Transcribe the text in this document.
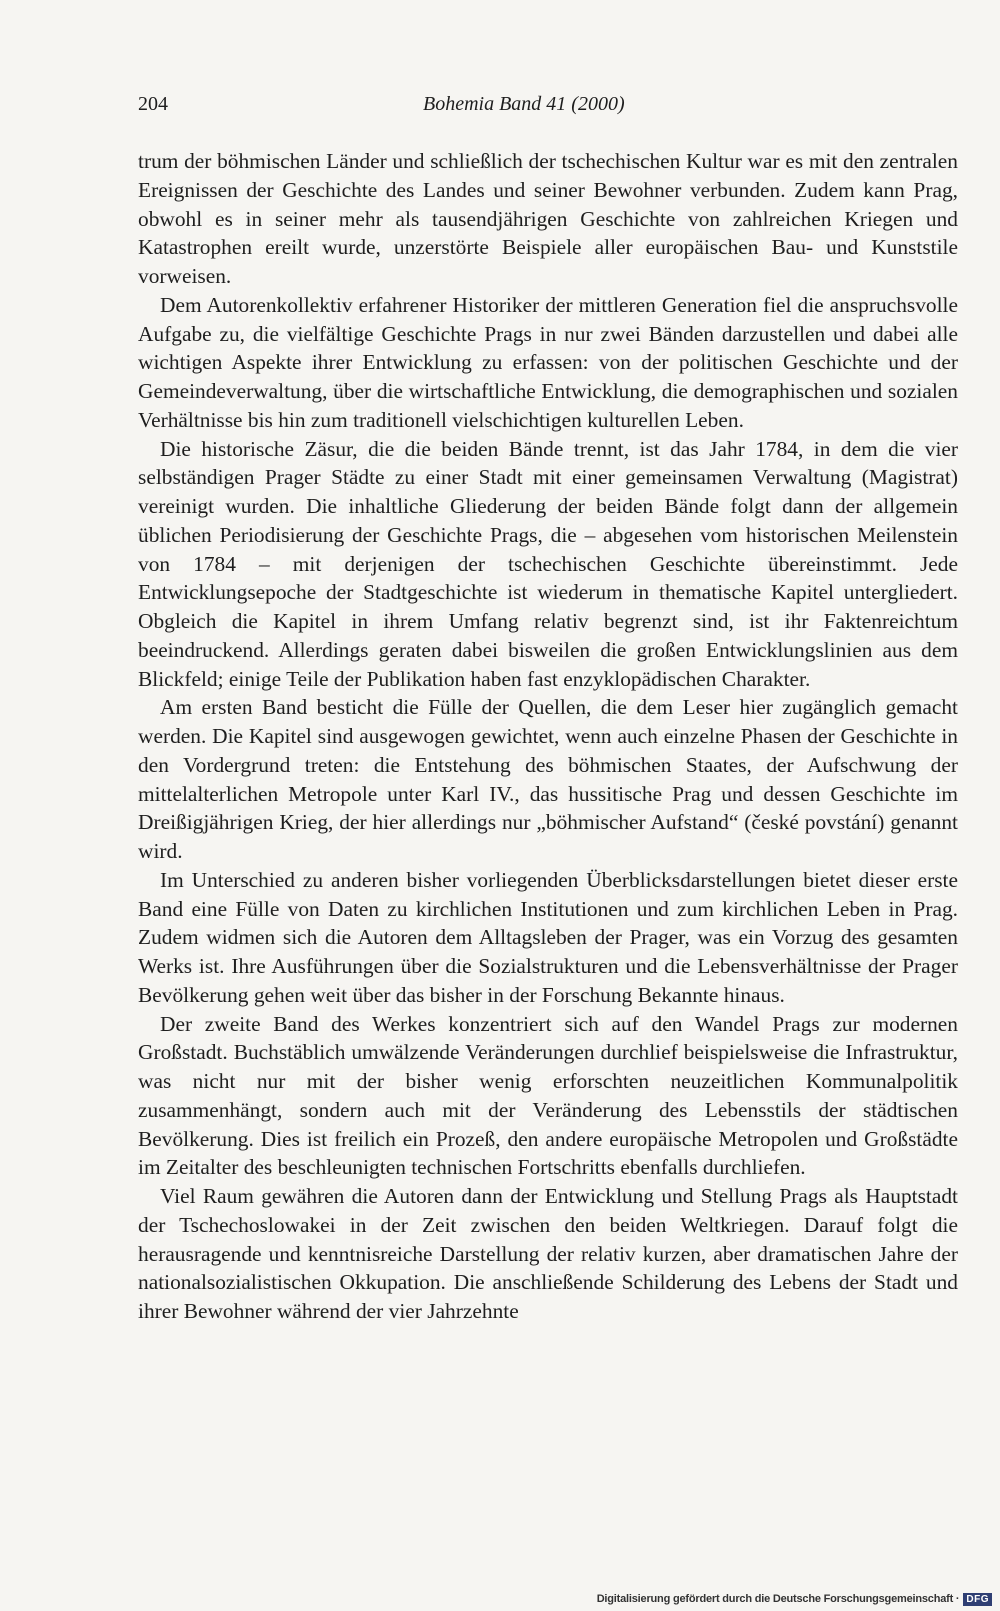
204	Bohemia Band 41 (2000)

trum der böhmischen Länder und schließlich der tschechischen Kultur war es mit den zentralen Ereignissen der Geschichte des Landes und seiner Bewohner verbunden. Zudem kann Prag, obwohl es in seiner mehr als tausendjährigen Geschichte von zahlreichen Kriegen und Katastrophen ereilt wurde, unzerstörte Beispiele aller europäischen Bau- und Kunststile vorweisen.

Dem Autorenkollektiv erfahrener Historiker der mittleren Generation fiel die anspruchsvolle Aufgabe zu, die vielfältige Geschichte Prags in nur zwei Bänden darzustellen und dabei alle wichtigen Aspekte ihrer Entwicklung zu erfassen: von der politischen Geschichte und der Gemeindeverwaltung, über die wirtschaftliche Entwicklung, die demographischen und sozialen Verhältnisse bis hin zum traditionell vielschichtigen kulturellen Leben.

Die historische Zäsur, die die beiden Bände trennt, ist das Jahr 1784, in dem die vier selbständigen Prager Städte zu einer Stadt mit einer gemeinsamen Verwaltung (Magistrat) vereinigt wurden. Die inhaltliche Gliederung der beiden Bände folgt dann der allgemein üblichen Periodisierung der Geschichte Prags, die – abgesehen vom historischen Meilenstein von 1784 – mit derjenigen der tschechischen Geschichte übereinstimmt. Jede Entwicklungsepoche der Stadtgeschichte ist wiederum in thematische Kapitel untergliedert. Obgleich die Kapitel in ihrem Umfang relativ begrenzt sind, ist ihr Faktenreichtum beeindruckend. Allerdings geraten dabei bisweilen die großen Entwicklungslinien aus dem Blickfeld; einige Teile der Publikation haben fast enzyklopädischen Charakter.

Am ersten Band besticht die Fülle der Quellen, die dem Leser hier zugänglich gemacht werden. Die Kapitel sind ausgewogen gewichtet, wenn auch einzelne Phasen der Geschichte in den Vordergrund treten: die Entstehung des böhmischen Staates, der Aufschwung der mittelalterlichen Metropole unter Karl IV., das hussitische Prag und dessen Geschichte im Dreißigjährigen Krieg, der hier allerdings nur „böhmischer Aufstand“ (české povstání) genannt wird.

Im Unterschied zu anderen bisher vorliegenden Überblicksdarstellungen bietet dieser erste Band eine Fülle von Daten zu kirchlichen Institutionen und zum kirchlichen Leben in Prag. Zudem widmen sich die Autoren dem Alltagsleben der Prager, was ein Vorzug des gesamten Werks ist. Ihre Ausführungen über die Sozialstrukturen und die Lebensverhältnisse der Prager Bevölkerung gehen weit über das bisher in der Forschung Bekannte hinaus.

Der zweite Band des Werkes konzentriert sich auf den Wandel Prags zur modernen Großstadt. Buchstäblich umwälzende Veränderungen durchlief beispielsweise die Infrastruktur, was nicht nur mit der bisher wenig erforschten neuzeitlichen Kommunalpolitik zusammenhängt, sondern auch mit der Veränderung des Lebensstils der städtischen Bevölkerung. Dies ist freilich ein Prozeß, den andere europäische Metropolen und Großstädte im Zeitalter des beschleunigten technischen Fortschritts ebenfalls durchliefen.

Viel Raum gewähren die Autoren dann der Entwicklung und Stellung Prags als Hauptstadt der Tschechoslowakei in der Zeit zwischen den beiden Weltkriegen. Darauf folgt die herausragende und kenntnisreiche Darstellung der relativ kurzen, aber dramatischen Jahre der nationalsozialistischen Okkupation. Die anschließende Schilderung des Lebens der Stadt und ihrer Bewohner während der vier Jahrzehnte

Digitalisierung gefördert durch die Deutsche Forschungsgemeinschaft · DFG
